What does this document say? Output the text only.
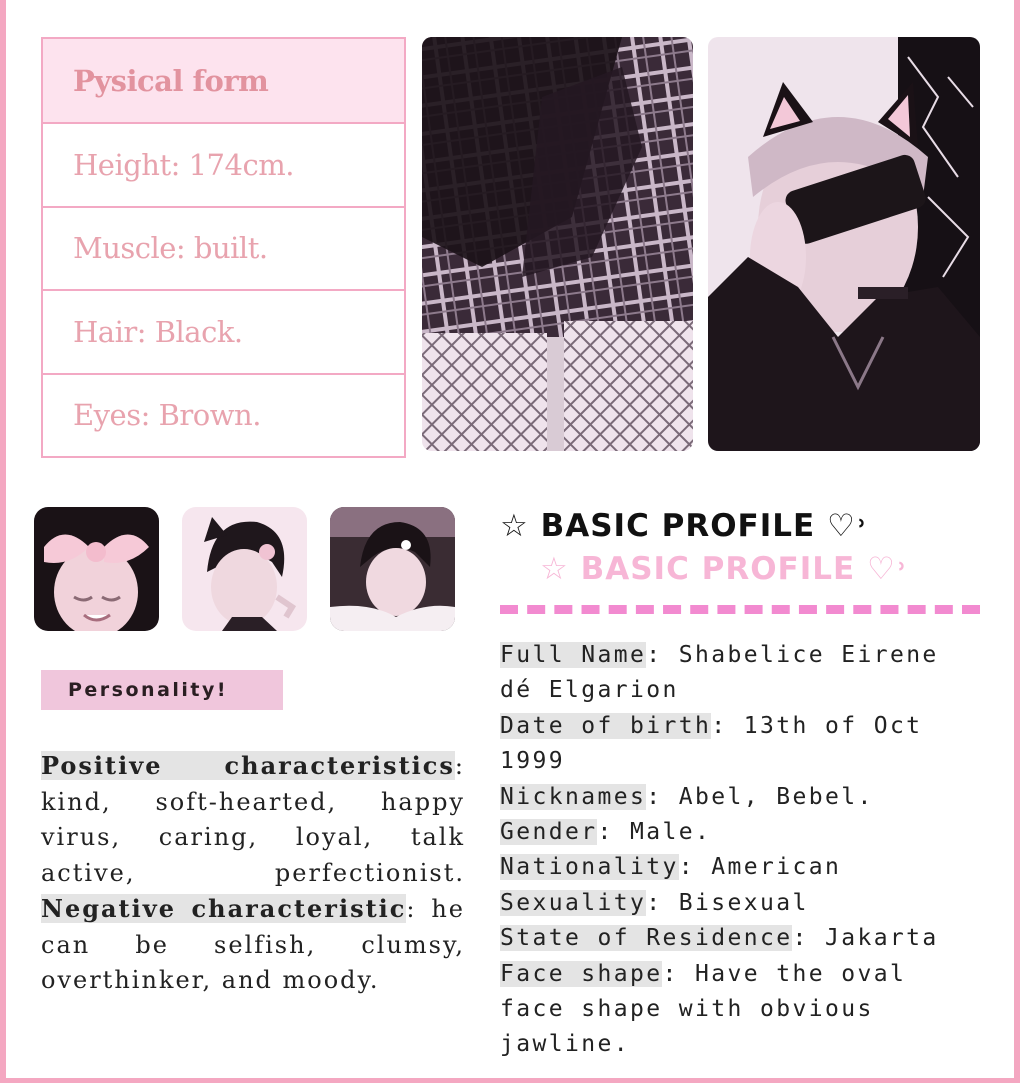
Pysical form
Height: 174cm.
Muscle: built.
Hair: Black.
Eyes: Brown.
Personality!
Positive characteristics: kind, soft-hearted, happy virus, caring, loyal, talk active, perfectionist. Negative characteristic: he can be selfish, clumsy, overthinker, and moody.
☆ BASIC PROFILE ♡˒
☆ BASIC PROFILE ♡˒
Full Name: Shabelice Eirene dé Elgarion
Date of birth: 13th of Oct 1999
Nicknames: Abel, Bebel.
Gender: Male.
Nationality: American
Sexuality: Bisexual
State of Residence: Jakarta
Face shape: Have the oval face shape with obvious jawline.
